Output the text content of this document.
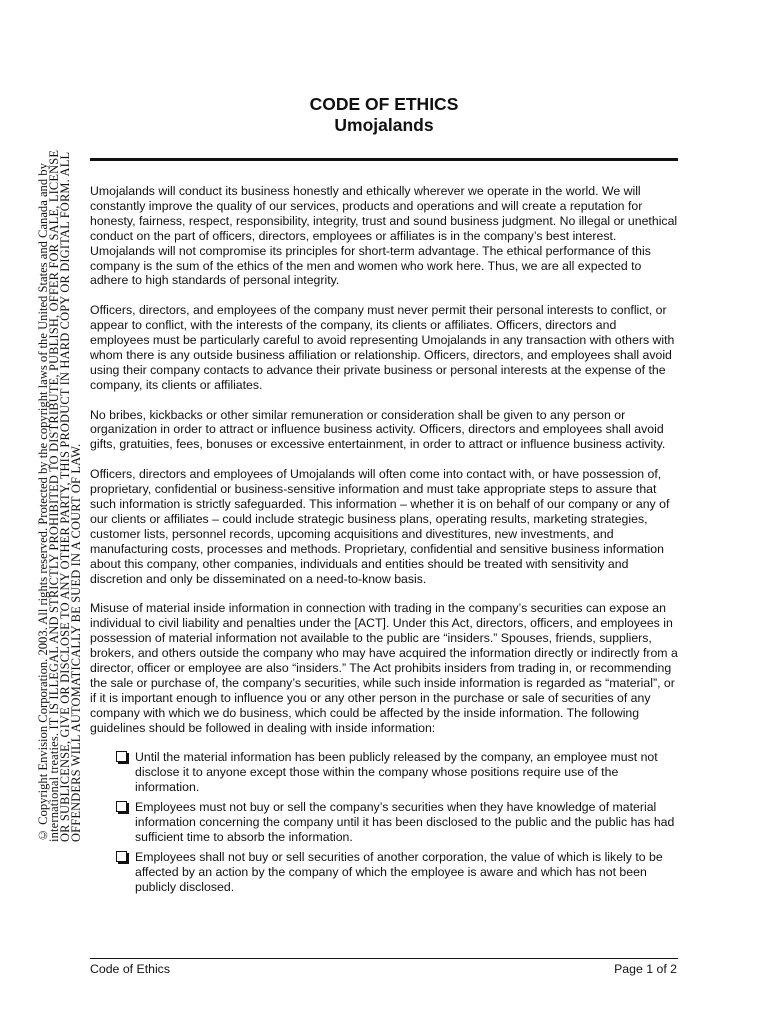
© Copyright Envision Corporation. 2003. All rights reserved. Protected by the copyright laws of the United States and Canada and by
international treaties. IT IS ILLEGAL AND STRICTLY PROHIBITED TO DISTRIBUTE, PUBLISH, OFFER FOR SALE, LICENSE
OR SUBLICENSE, GIVE OR DISCLOSE TO ANY OTHER PARTY, THIS PRODUCT IN HARD COPY OR DIGITAL FORM. ALL
OFFENDERS WILL AUTOMATICALLY BE SUED IN A COURT OF LAW.
CODE OF ETHICS
Umojalands

Umojalands will conduct its business honestly and ethically wherever we operate in the world. We will constantly improve the quality of our services, products and operations and will create a reputation for honesty, fairness, respect, responsibility, integrity, trust and sound business judgment. No illegal or unethical conduct on the part of officers, directors, employees or affiliates is in the company’s best interest. Umojalands will not compromise its principles for short-term advantage. The ethical performance of this company is the sum of the ethics of the men and women who work here. Thus, we are all expected to adhere to high standards of personal integrity.

Officers, directors, and employees of the company must never permit their personal interests to conflict, or appear to conflict, with the interests of the company, its clients or affiliates. Officers, directors and employees must be particularly careful to avoid representing Umojalands in any transaction with others with whom there is any outside business affiliation or relationship. Officers, directors, and employees shall avoid using their company contacts to advance their private business or personal interests at the expense of the company, its clients or affiliates.

No bribes, kickbacks or other similar remuneration or consideration shall be given to any person or organization in order to attract or influence business activity. Officers, directors and employees shall avoid gifts, gratuities, fees, bonuses or excessive entertainment, in order to attract or influence business activity.

Officers, directors and employees of Umojalands will often come into contact with, or have possession of, proprietary, confidential or business-sensitive information and must take appropriate steps to assure that such information is strictly safeguarded. This information – whether it is on behalf of our company or any of our clients or affiliates – could include strategic business plans, operating results, marketing strategies, customer lists, personnel records, upcoming acquisitions and divestitures, new investments, and manufacturing costs, processes and methods. Proprietary, confidential and sensitive business information about this company, other companies, individuals and entities should be treated with sensitivity and discretion and only be disseminated on a need-to-know basis.

Misuse of material inside information in connection with trading in the company’s securities can expose an individual to civil liability and penalties under the [ACT]. Under this Act, directors, officers, and employees in possession of material information not available to the public are “insiders.” Spouses, friends, suppliers, brokers, and others outside the company who may have acquired the information directly or indirectly from a director, officer or employee are also “insiders.” The Act prohibits insiders from trading in, or recommending the sale or purchase of, the company’s securities, while such inside information is regarded as “material”, or if it is important enough to influence you or any other person in the purchase or sale of securities of any company with which we do business, which could be affected by the inside information. The following guidelines should be followed in dealing with inside information:

Until the material information has been publicly released by the company, an employee must not disclose it to anyone except those within the company whose positions require use of the information.
Employees must not buy or sell the company’s securities when they have knowledge of material information concerning the company until it has been disclosed to the public and the public has had sufficient time to absorb the information.
Employees shall not buy or sell securities of another corporation, the value of which is likely to be affected by an action by the company of which the employee is aware and which has not been publicly disclosed.
Code of Ethics	Page 1 of 2
